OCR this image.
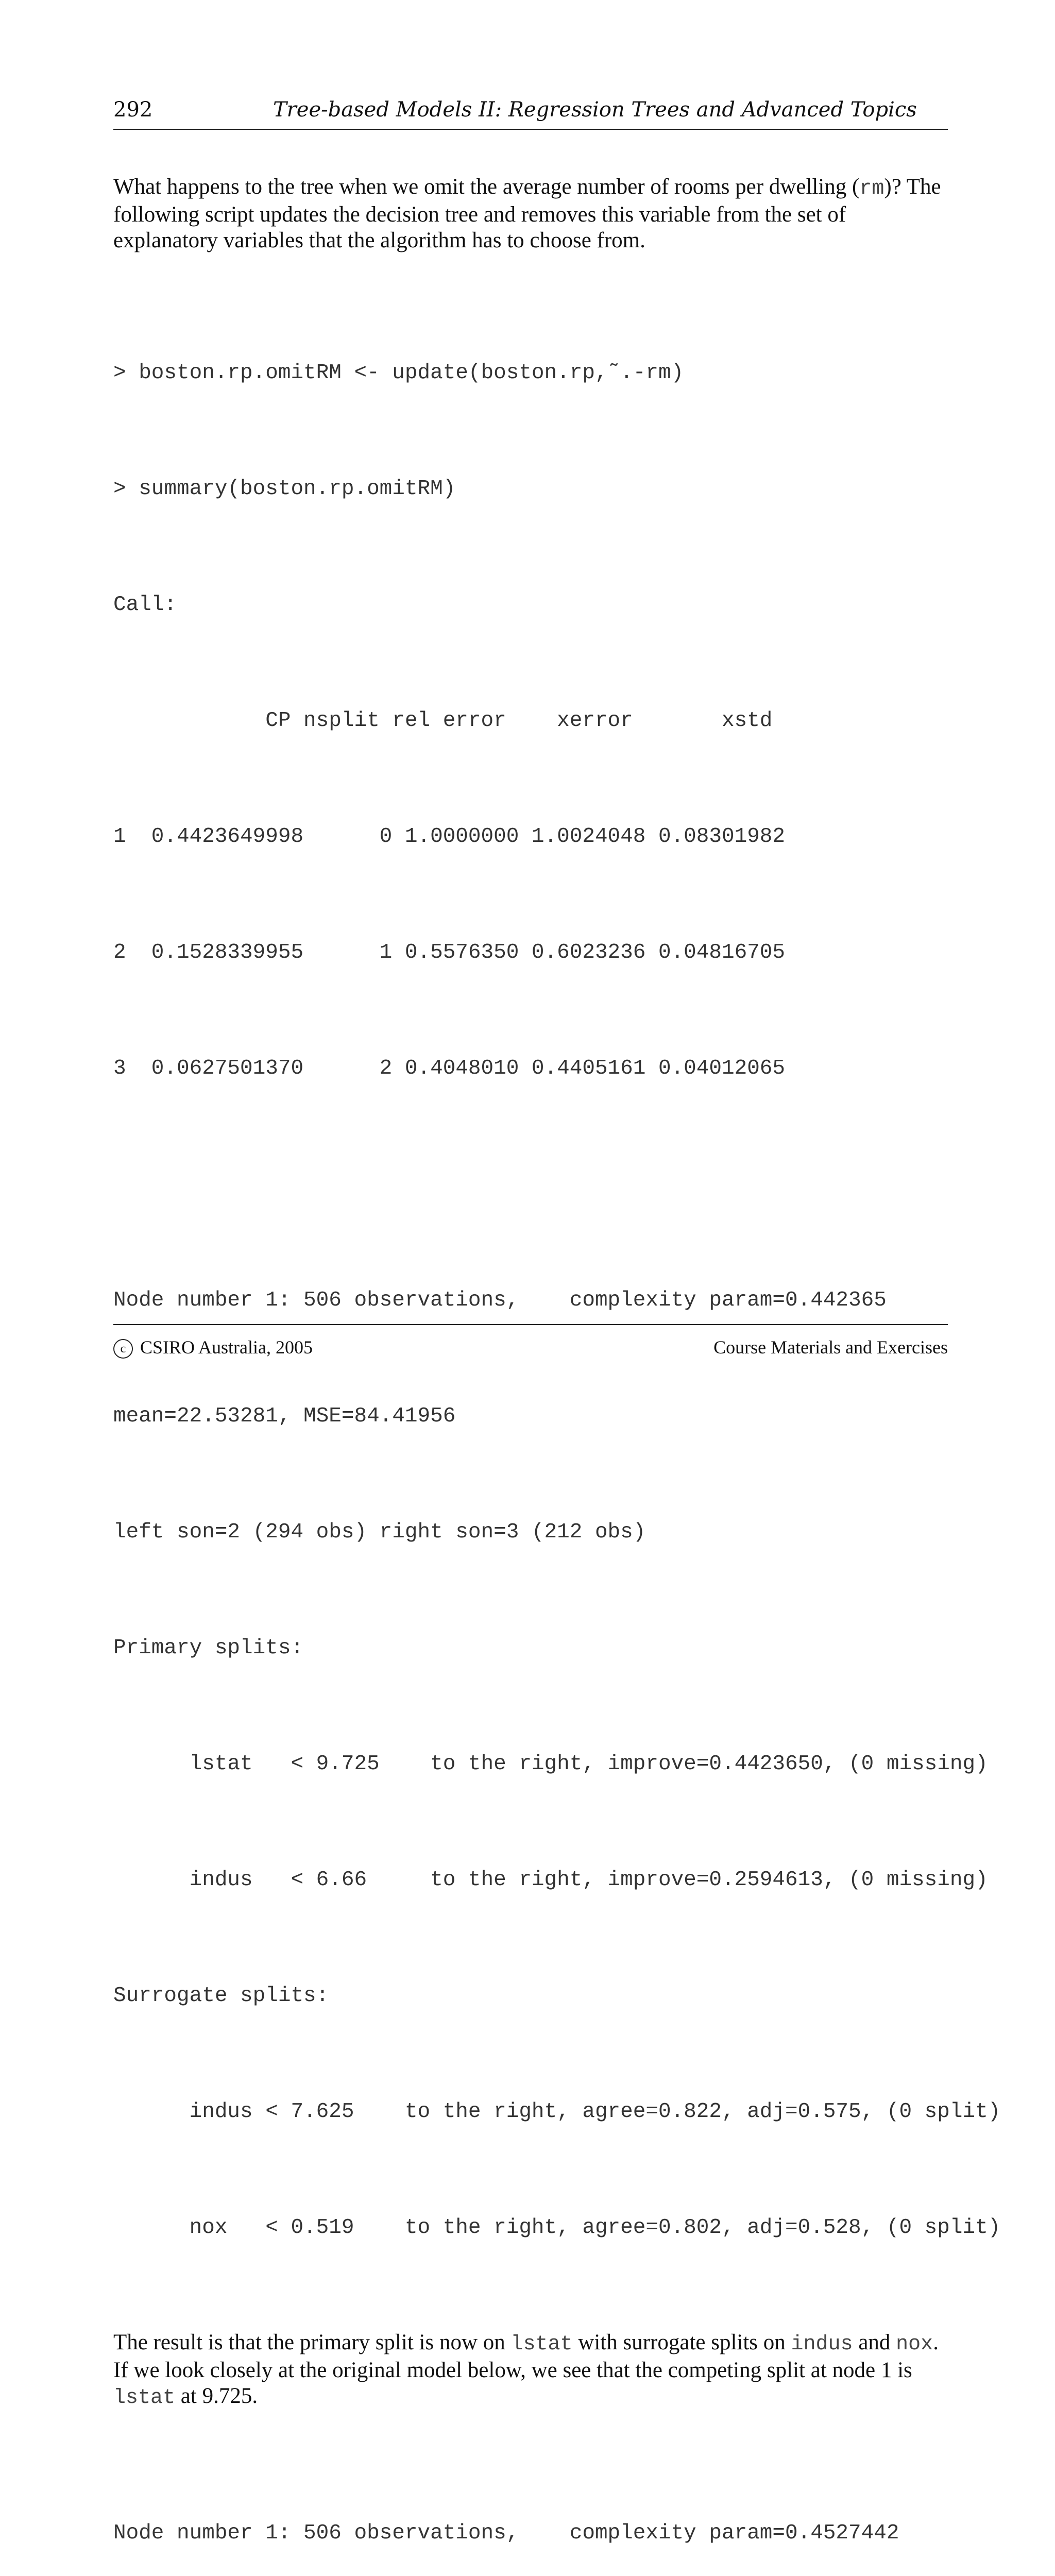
292	Tree-based Models II: Regression Trees and Advanced Topics

What happens to the tree when we omit the average number of rooms per dwelling (rm)? The following script updates the decision tree and removes this variable from the set of explanatory variables that the algorithm has to choose from.

> boston.rp.omitRM <- update(boston.rp,˜.-rm)

> summary(boston.rp.omitRM)

Call:

CP nsplit rel error    xerror       xstd

1  0.4423649998      0 1.0000000 1.0024048 0.08301982

2  0.1528339955      1 0.5576350 0.6023236 0.04816705

3  0.0627501370      2 0.4048010 0.4405161 0.04012065

Node number 1: 506 observations,    complexity param=0.442365

mean=22.53281, MSE=84.41956

left son=2 (294 obs) right son=3 (212 obs)

Primary splits:

lstat   < 9.725    to the right, improve=0.4423650, (0 missing)

indus   < 6.66     to the right, improve=0.2594613, (0 missing)

Surrogate splits:

indus < 7.625    to the right, agree=0.822, adj=0.575, (0 split)

nox   < 0.519    to the right, agree=0.802, adj=0.528, (0 split)

The result is that the primary split is now on lstat with surrogate splits on indus and nox. If we look closely at the original model below, we see that the competing split at node 1 is lstat at 9.725.

Node number 1: 506 observations,    complexity param=0.4527442

c CSIRO Australia, 2005	Course Materials and Exercises
